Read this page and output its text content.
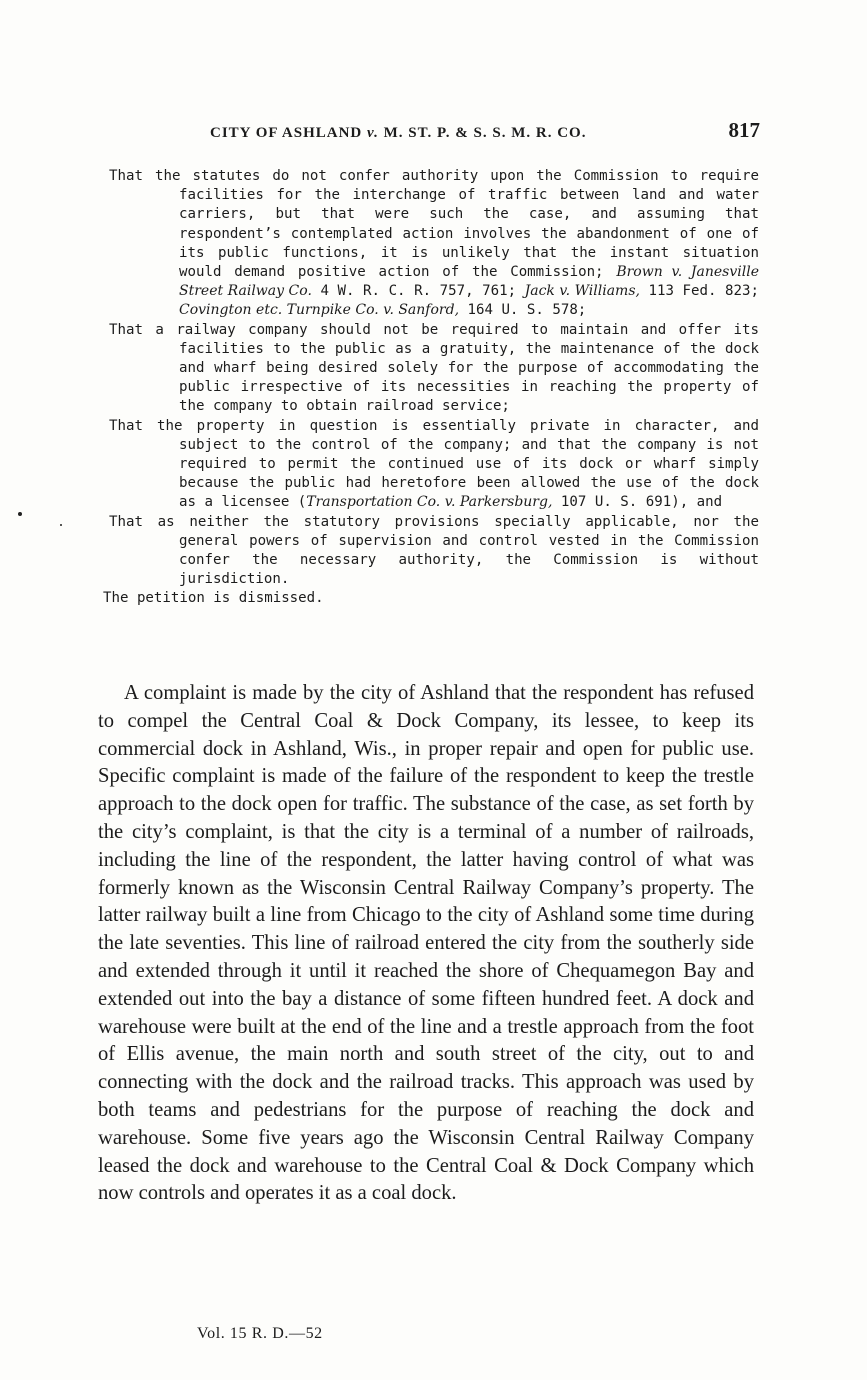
CITY OF ASHLAND v. M. ST. P. & S. S. M. R. CO.	817

That the statutes do not confer authority upon the Commission to require facilities for the interchange of traffic between land and water carriers, but that were such the case, and assuming that respondent’s contemplated action involves the abandonment of one of its public functions, it is unlikely that the instant situation would demand positive action of the Commission; Brown v. Janesville Street Railway Co. 4 W. R. C. R. 757, 761; Jack v. Williams, 113 Fed. 823; Covington etc. Turnpike Co. v. Sanford, 164 U. S. 578;

That a railway company should not be required to maintain and offer its facilities to the public as a gratuity, the maintenance of the dock and wharf being desired solely for the purpose of accommodating the public irrespective of its necessities in reaching the property of the company to obtain railroad service;

That the property in question is essentially private in character, and subject to the control of the company; and that the company is not required to permit the continued use of its dock or wharf simply because the public had heretofore been allowed the use of the dock as a licensee (Transportation Co. v. Parkersburg, 107 U. S. 691), and

That as neither the statutory provisions specially applicable, nor the general powers of supervision and control vested in the Commission confer the necessary authority, the Commission is without jurisdiction.

The petition is dismissed.

A complaint is made by the city of Ashland that the respondent has refused to compel the Central Coal & Dock Company, its lessee, to keep its commercial dock in Ashland, Wis., in proper repair and open for public use. Specific complaint is made of the failure of the respondent to keep the trestle approach to the dock open for traffic. The substance of the case, as set forth by the city’s complaint, is that the city is a terminal of a number of railroads, including the line of the respondent, the latter having control of what was formerly known as the Wisconsin Central Railway Company’s property. The latter railway built a line from Chicago to the city of Ashland some time during the late seventies. This line of railroad entered the city from the southerly side and extended through it until it reached the shore of Chequamegon Bay and extended out into the bay a distance of some fifteen hundred feet. A dock and warehouse were built at the end of the line and a trestle approach from the foot of Ellis avenue, the main north and south street of the city, out to and connecting with the dock and the railroad tracks. This approach was used by both teams and pedestrians for the purpose of reaching the dock and warehouse. Some five years ago the Wisconsin Central Railway Company leased the dock and warehouse to the Central Coal & Dock Company which now controls and operates it as a coal dock.

Vol. 15 R. D.—52
